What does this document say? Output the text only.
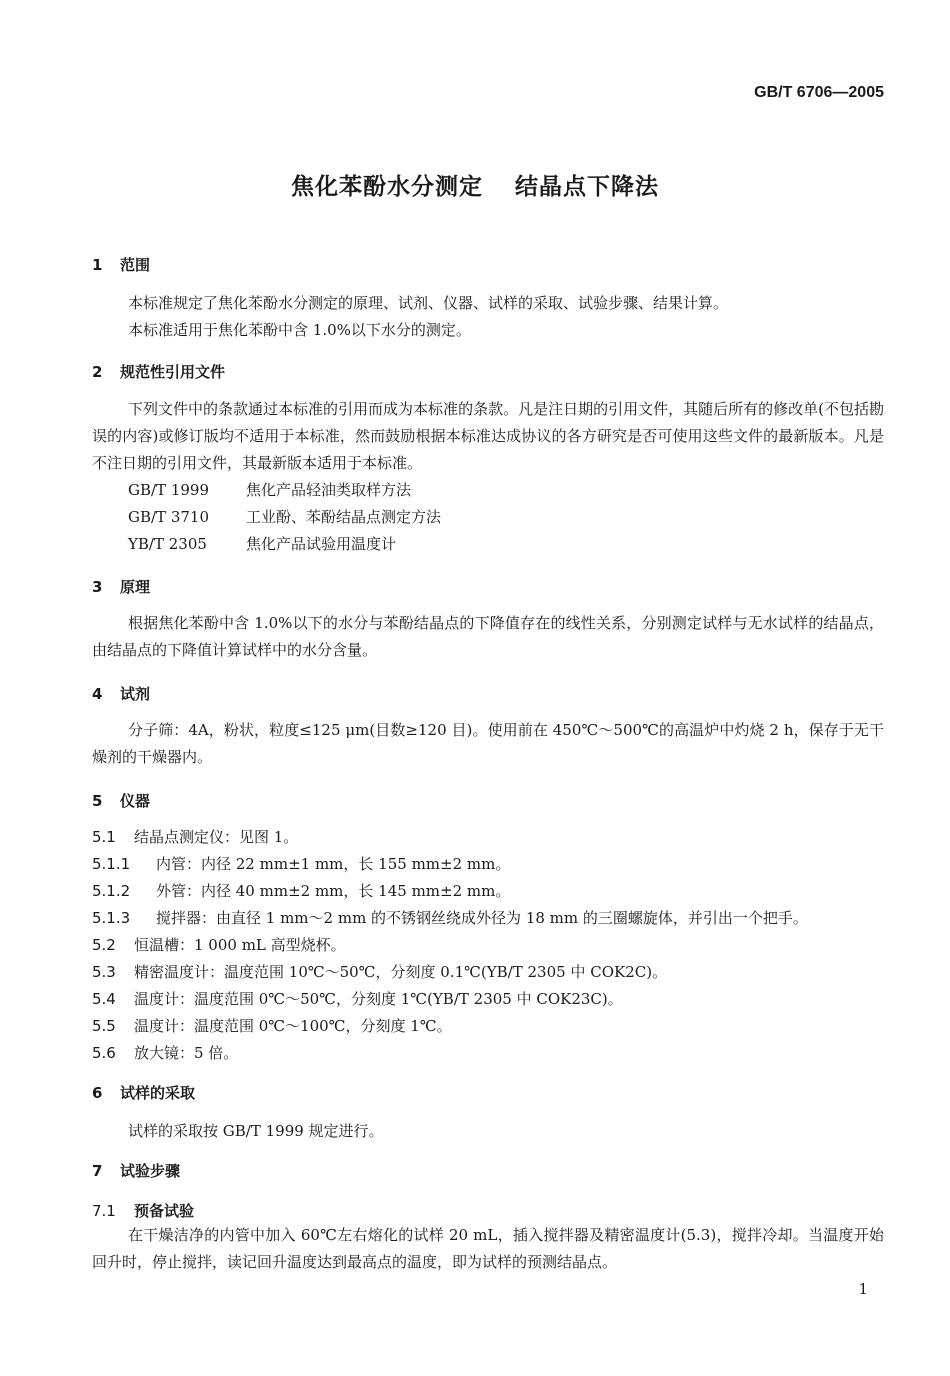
GB/T 6706—2005
焦化苯酚水分测定 结晶点下降法
1 范围
本标准规定了焦化苯酚水分测定的原理、试剂、仪器、试样的采取、试验步骤、结果计算。
本标准适用于焦化苯酚中含 1.0%以下水分的测定。
2 规范性引用文件
下列文件中的条款通过本标准的引用而成为本标准的条款。凡是注日期的引用文件，其随后所有的修改单(不包括勘误的内容)或修订版均不适用于本标准，然而鼓励根据本标准达成协议的各方研究是否可使用这些文件的最新版本。凡是不注日期的引用文件，其最新版本适用于本标准。
GB/T 1999 焦化产品轻油类取样方法
GB/T 3710 工业酚、苯酚结晶点测定方法
YB/T 2305	焦化产品试验用温度计
3 原理
根据焦化苯酚中含 1.0%以下的水分与苯酚结晶点的下降值存在的线性关系，分别测定试样与无水试样的结晶点，由结晶点的下降值计算试样中的水分含量。
4 试剂
分子筛：4A，粉状，粒度≤125 μm(目数≥120 目)。使用前在 450℃～500℃的高温炉中灼烧 2 h，保存于无干燥剂的干燥器内。
5 仪器
5.1 结晶点测定仪：见图 1。
5.1.1 内管：内径 22 mm±1 mm，长 155 mm±2 mm。
5.1.2 外管：内径 40 mm±2 mm，长 145 mm±2 mm。
5.1.3 搅拌器：由直径 1 mm～2 mm 的不锈钢丝绕成外径为 18 mm 的三圈螺旋体，并引出一个把手。
5.2 恒温槽：1 000 mL 高型烧杯。
5.3 精密温度计：温度范围 10℃～50℃，分刻度 0.1℃(YB/T 2305 中 COK2C)。
5.4 温度计：温度范围 0℃～50℃，分刻度 1℃(YB/T 2305 中 COK23C)。
5.5 温度计：温度范围 0℃～100℃，分刻度 1℃。
5.6 放大镜：5 倍。
6 试样的采取
试样的采取按 GB/T 1999 规定进行。
7 试验步骤
7.1 预备试验
在干燥洁净的内管中加入 60℃左右熔化的试样 20 mL，插入搅拌器及精密温度计(5.3)，搅拌冷却。当温度开始回升时，停止搅拌，读记回升温度达到最高点的温度，即为试样的预测结晶点。
1
